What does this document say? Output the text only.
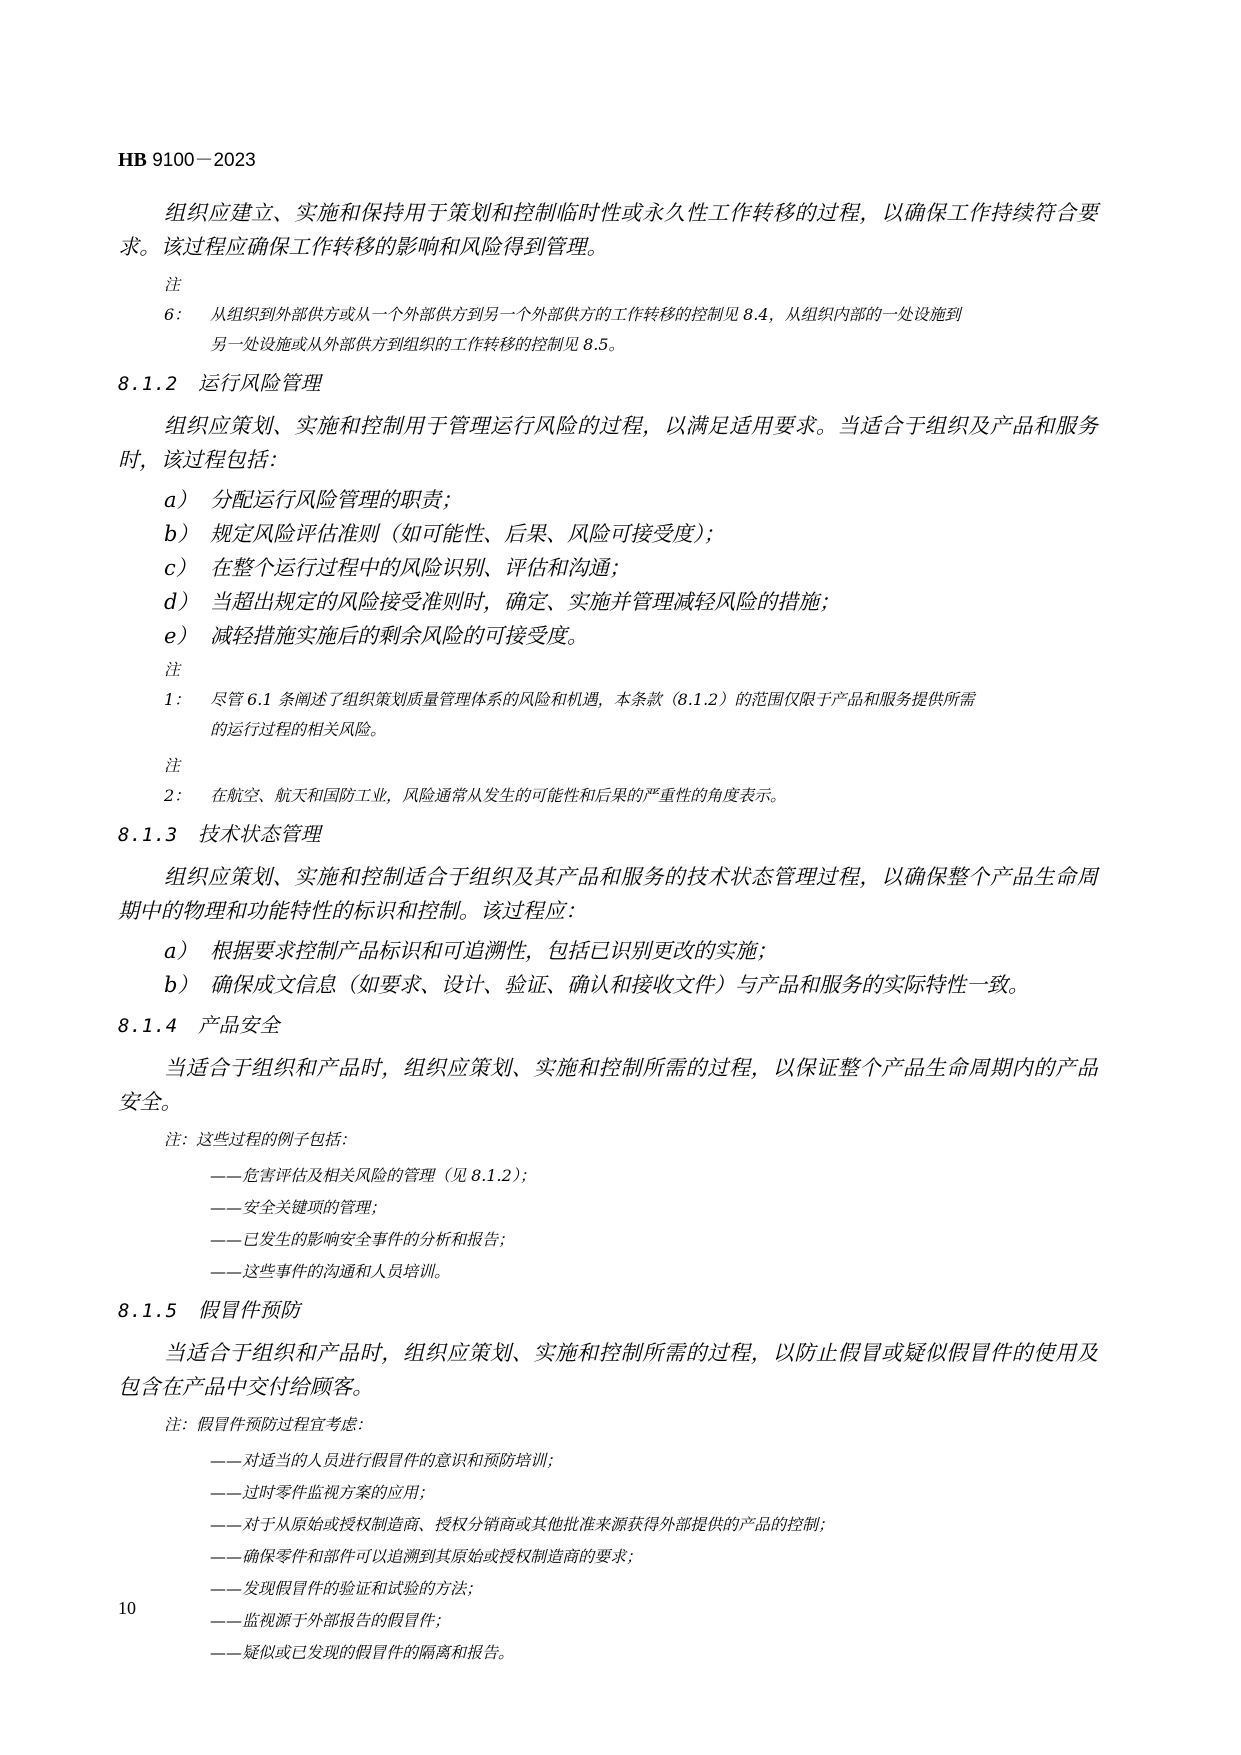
HB 9100－2023

组织应建立、实施和保持用于策划和控制临时性或永久性工作转移的过程，以确保工作持续符合要求。该过程应确保工作转移的影响和风险得到管理。

注 6： 从组织到外部供方或从一个外部供方到另一个外部供方的工作转移的控制见 8.4，从组织内部的一处设施到
另一处设施或从外部供方到组织的工作转移的控制见 8.5。
8.1.2 运行风险管理

组织应策划、实施和控制用于管理运行风险的过程，以满足适用要求。当适合于组织及产品和服务时，该过程包括：

a） 分配运行风险管理的职责；

b） 规定风险评估准则（如可能性、后果、风险可接受度）；

c） 在整个运行过程中的风险识别、评估和沟通；

d） 当超出规定的风险接受准则时，确定、实施并管理减轻风险的措施；

e） 减轻措施实施后的剩余风险的可接受度。

注 1： 尽管 6.1 条阐述了组织策划质量管理体系的风险和机遇，本条款（8.1.2）的范围仅限于产品和服务提供所需
的运行过程的相关风险。
注 2： 在航空、航天和国防工业，风险通常从发生的可能性和后果的严重性的角度表示。
8.1.3 技术状态管理

组织应策划、实施和控制适合于组织及其产品和服务的技术状态管理过程，以确保整个产品生命周期中的物理和功能特性的标识和控制。该过程应：

a） 根据要求控制产品标识和可追溯性，包括已识别更改的实施；

b） 确保成文信息（如要求、设计、验证、确认和接收文件）与产品和服务的实际特性一致。

8.1.4 产品安全

当适合于组织和产品时，组织应策划、实施和控制所需的过程，以保证整个产品生命周期内的产品安全。

注：这些过程的例子包括：

——危害评估及相关风险的管理（见 8.1.2）；

——安全关键项的管理；

——已发生的影响安全事件的分析和报告；

——这些事件的沟通和人员培训。

8.1.5 假冒件预防

当适合于组织和产品时，组织应策划、实施和控制所需的过程，以防止假冒或疑似假冒件的使用及包含在产品中交付给顾客。

注：假冒件预防过程宜考虑：

——对适当的人员进行假冒件的意识和预防培训；

——过时零件监视方案的应用；

——对于从原始或授权制造商、授权分销商或其他批准来源获得外部提供的产品的控制；

——确保零件和部件可以追溯到其原始或授权制造商的要求；

——发现假冒件的验证和试验的方法；

——监视源于外部报告的假冒件；

——疑似或已发现的假冒件的隔离和报告。

10
